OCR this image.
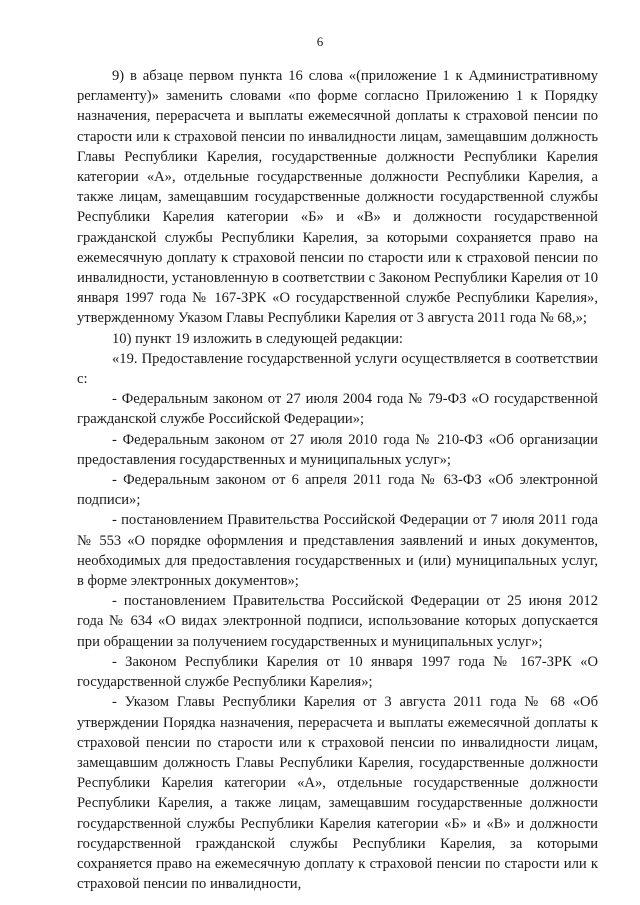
6

9) в абзаце первом пункта 16 слова «(приложение 1 к Административному регламенту)» заменить словами «по форме согласно Приложению 1 к Порядку назначения, перерасчета и выплаты ежемесячной доплаты к страховой пенсии по старости или к страховой пенсии по инвалидности лицам, замещавшим должность Главы Республики Карелия, государственные должности Республики Карелия категории «А», отдельные государственные должности Республики Карелия, а также лицам, замещавшим государственные должности государственной службы Республики Карелия категории «Б» и «В» и должности государственной гражданской службы Республики Карелия, за которыми сохраняется право на ежемесячную доплату к страховой пенсии по старости или к страховой пенсии по инвалидности, установленную в соответствии с Законом Республики Карелия от 10 января 1997 года № 167-ЗРК «О государственной службе Республики Карелия», утвержденному Указом Главы Республики Карелия от 3 августа 2011 года № 68,»;

10) пункт 19 изложить в следующей редакции:

«19. Предоставление государственной услуги осуществляется в соответствии с:

- Федеральным законом от 27 июля 2004 года № 79-ФЗ «О государственной гражданской службе Российской Федерации»;

- Федеральным законом от 27 июля 2010 года № 210-ФЗ «Об организации предоставления государственных и муниципальных услуг»;

- Федеральным законом от 6 апреля 2011 года № 63-ФЗ «Об электронной подписи»;

- постановлением Правительства Российской Федерации от 7 июля 2011 года № 553 «О порядке оформления и представления заявлений и иных документов, необходимых для предоставления государственных и (или) муниципальных услуг, в форме электронных документов»;

- постановлением Правительства Российской Федерации от 25 июня 2012 года № 634 «О видах электронной подписи, использование которых допускается при обращении за получением государственных и муниципальных услуг»;

- Законом Республики Карелия от 10 января 1997 года № 167-ЗРК «О государственной службе Республики Карелия»;

- Указом Главы Республики Карелия от 3 августа 2011 года № 68 «Об утверждении Порядка назначения, перерасчета и выплаты ежемесячной доплаты к страховой пенсии по старости или к страховой пенсии по инвалидности лицам, замещавшим должность Главы Республики Карелия, государственные должности Республики Карелия категории «А», отдельные государственные должности Республики Карелия, а также лицам, замещавшим государственные должности государственной службы Республики Карелия категории «Б» и «В» и должности государственной гражданской службы Республики Карелия, за которыми сохраняется право на ежемесячную доплату к страховой пенсии по старости или к страховой пенсии по инвалидности,
